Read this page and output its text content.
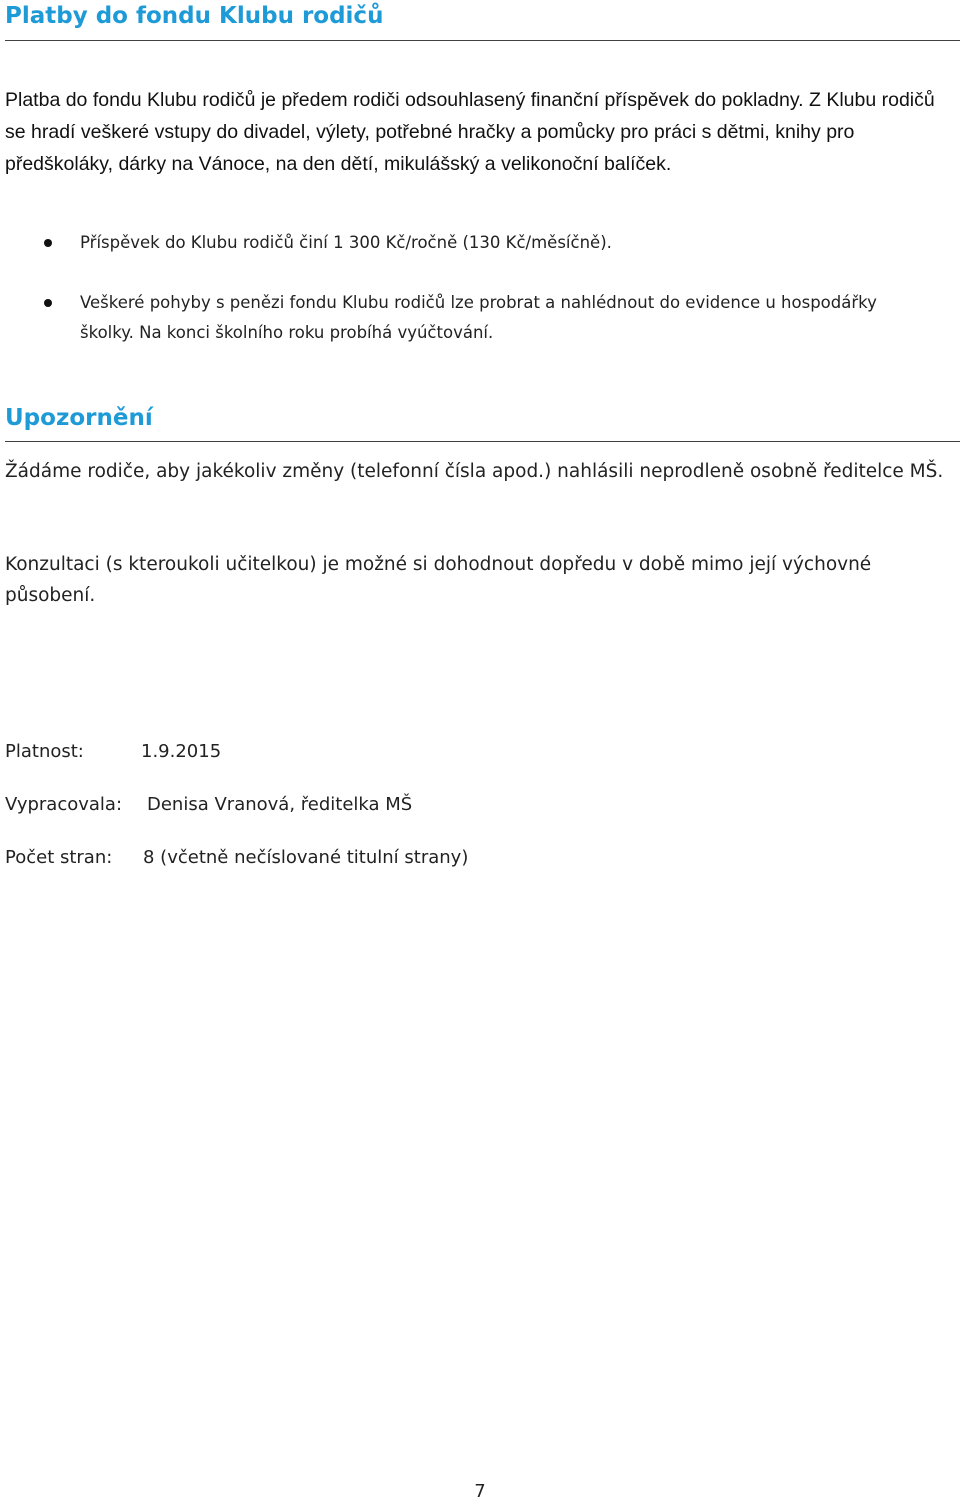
Platby do fondu Klubu rodičů
Platba do fondu Klubu rodičů je předem rodiči odsouhlasený finanční příspěvek do pokladny. Z Klubu rodičů se hradí veškeré vstupy do divadel, výlety, potřebné hračky a pomůcky pro práci s dětmi, knihy pro předškoláky, dárky na Vánoce, na den dětí, mikulášský a velikonoční balíček.
Příspěvek do Klubu rodičů činí 1 300 Kč/ročně (130 Kč/měsíčně).
Veškeré pohyby s penězi fondu Klubu rodičů lze probrat a nahlédnout do evidence u hospodářky školky. Na konci školního roku probíhá vyúčtování.
Upozornění
Žádáme rodiče, aby jakékoliv změny (telefonní čísla apod.) nahlásili neprodleně osobně ředitelce MŠ.
Konzultaci (s kteroukoli učitelkou) je možné si dohodnout dopředu v době mimo její výchovné působení.
Platnost:	1.9.2015
Vypracovala: Denisa Vranová, ředitelka MŠ
Počet stran: 8 (včetně nečíslované titulní strany)
7
